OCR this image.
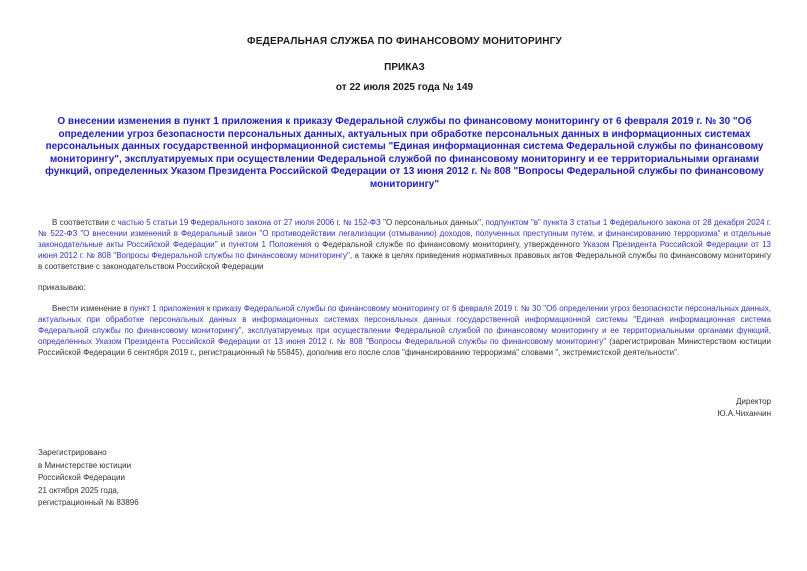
ФЕДЕРАЛЬНАЯ СЛУЖБА ПО ФИНАНСОВОМУ МОНИТОРИНГУ
ПРИКАЗ
от 22 июля 2025 года № 149
О внесении изменения в пункт 1 приложения к приказу Федеральной службы по финансовому мониторингу от 6 февраля 2019 г. № 30 "Об определении угроз безопасности персональных данных, актуальных при обработке персональных данных в информационных системах персональных данных государственной информационной системы "Единая информационная система Федеральной службы по финансовому мониторингу", эксплуатируемых при осуществлении Федеральной службой по финансовому мониторингу и ее территориальными органами функций, определенных Указом Президента Российской Федерации от 13 июня 2012 г. № 808 "Вопросы Федеральной службы по финансовому мониторингу"
В соответствии с частью 5 статьи 19 Федерального закона от 27 июля 2006 г. № 152-ФЗ "О персональных данных", подпунктом "в" пункта 3 статьи 1 Федерального закона от 28 декабря 2024 г. № 522-ФЗ "О внесении изменений в Федеральный закон "О противодействии легализации (отмыванию) доходов, полученных преступным путем, и финансированию терроризма" и отдельные законодательные акты Российской Федерации" и пунктом 1 Положения о Федеральной службе по финансовому мониторингу, утвержденного Указом Президента Российской Федерации от 13 июня 2012 г. № 808 "Вопросы Федеральной службы по финансовому мониторингу", а также в целях приведения нормативных правовых актов Федеральной службы по финансовому мониторингу в соответствие с законодательством Российской Федерации
приказываю:
Внести изменение в пункт 1 приложения к приказу Федеральной службы по финансовому мониторингу от 6 февраля 2019 г. № 30 "Об определении угроз безопасности персональных данных, актуальных при обработке персональных данных в информационных системах персональных данных государственной информационной системы "Единая информационная система Федеральной службы по финансовому мониторингу", эксплуатируемых при осуществлении Федеральной службой по финансовому мониторингу и ее территориальными органами функций, определенных Указом Президента Российской Федерации от 13 июня 2012 г. № 808 "Вопросы Федеральной службы по финансовому мониторингу" (зарегистрирован Министерством юстиции Российской Федерации 6 сентября 2019 г., регистрационный № 55845), дополнив его после слов "финансированию терроризма" словами ", экстремистской деятельности".
Директор
Ю.А.Чиханчин
Зарегистрировано
в Министерстве юстиции
Российской Федерации
21 октября 2025 года,
регистрационный № 83896
